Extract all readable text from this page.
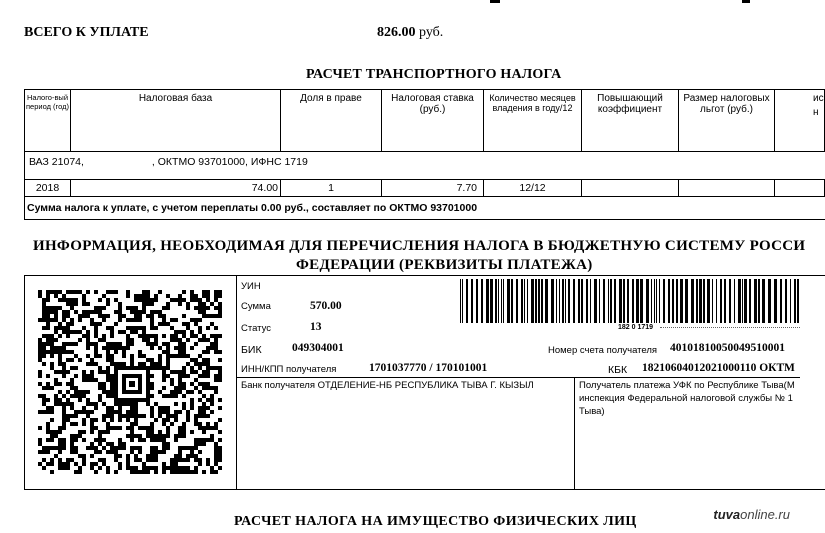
ВСЕГО К УПЛАТЕ	826.00 руб.
РАСЧЕТ ТРАНСПОРТНОГО НАЛОГА
Налого-вый период (год)	Налоговая база	Доля в праве	Налоговая ставка (руб.)	Количество месяцев владения в году/12	Повышающий коэффициент	Размер налоговых льгот (руб.)	ис
н

ВАЗ 21074, , ОКТМО 93701000, ИФНС 1719							
2018	74.00	1	7.70	12/12			
Сумма налога к уплате, с учетом переплаты 0.00 руб., составляет по ОКТМО 93701000							
ИНФОРМАЦИЯ, НЕОБХОДИМАЯ ДЛЯ ПЕРЕЧИСЛЕНИЯ НАЛОГА В БЮДЖЕТНУЮ СИСТЕМУ РОССИ
ФЕДЕРАЦИИ (РЕКВИЗИТЫ ПЛАТЕЖА)
182 0 1719
УИН
Сумма	570.00
Статус	13
БИК	049304001	Номер счета получателя 40101810050049510001
ИНН/КПП получателя	1701037770 / 170101001	КБК 18210604012021000110 ОКТМ
Банк получателя ОТДЕЛЕНИЕ-НБ РЕСПУБЛИКА ТЫВА Г. КЫЗЫЛ	Получатель платежа УФК по Республике Тыва(М
инспекция Федеральной налоговой службы № 1
Тыва)
РАСЧЕТ НАЛОГА НА ИМУЩЕСТВО ФИЗИЧЕСКИХ ЛИЦ	tuvaonline.ru
